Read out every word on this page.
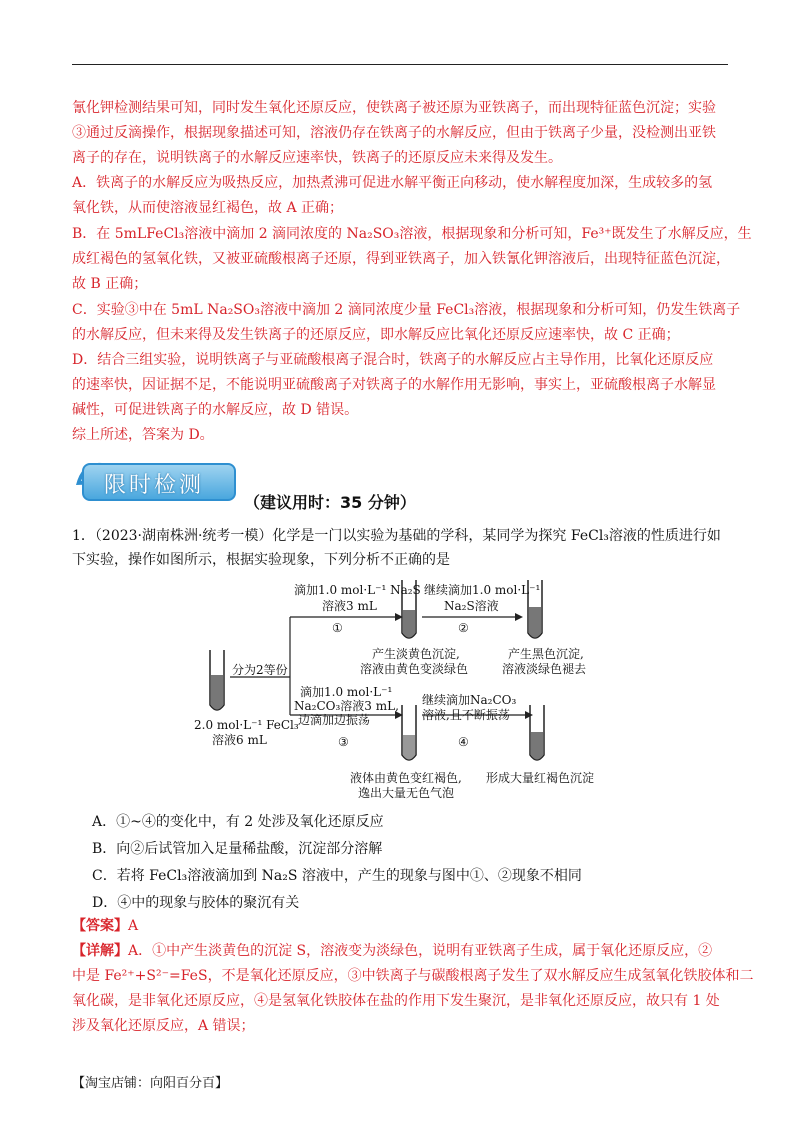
氰化钾检测结果可知，同时发生氧化还原反应，使铁离子被还原为亚铁离子，而出现特征蓝色沉淀；实验
③通过反滴操作，根据现象描述可知，溶液仍存在铁离子的水解反应，但由于铁离子少量，没检测出亚铁
离子的存在，说明铁离子的水解反应速率快，铁离子的还原反应未来得及发生。
A．铁离子的水解反应为吸热反应，加热煮沸可促进水解平衡正向移动，使水解程度加深，生成较多的氢
氧化铁，从而使溶液显红褐色，故 A 正确；
B．在 5mLFeCl₃溶液中滴加 2 滴同浓度的 Na₂SO₃溶液，根据现象和分析可知，Fe³⁺既发生了水解反应，生
成红褐色的氢氧化铁，又被亚硫酸根离子还原，得到亚铁离子，加入铁氰化钾溶液后，出现特征蓝色沉淀，
故 B 正确；
C．实验③中在 5mL Na₂SO₃溶液中滴加 2 滴同浓度少量 FeCl₃溶液，根据现象和分析可知，仍发生铁离子
的水解反应，但未来得及发生铁离子的还原反应，即水解反应比氧化还原反应速率快，故 C 正确；
D．结合三组实验，说明铁离子与亚硫酸根离子混合时，铁离子的水解反应占主导作用，比氧化还原反应
的速率快，因证据不足，不能说明亚硫酸离子对铁离子的水解作用无影响，事实上，亚硫酸根离子水解显
碱性，可促进铁离子的水解反应，故 D 错误。
综上所述，答案为 D。
限时检测
（建议用时：35 分钟）
1．（2023·湖南株洲·统考一模）化学是一门以实验为基础的学科，某同学为探究 FeCl₃溶液的性质进行如
下实验，操作如图所示，根据实验现象，下列分析不正确的是
2.0 mol·L⁻¹ FeCl₃
溶液6 mL
分为2等份
滴加1.0 mol·L⁻¹ Na₂S
溶液3 mL
①
继续滴加1.0 mol·L⁻¹
Na₂S溶液
②
产生淡黄色沉淀,
溶液由黄色变淡绿色
产生黑色沉淀,
溶液淡绿色褪去
滴加1.0 mol·L⁻¹
Na₂CO₃溶液3 mL,
边滴加边振荡
③
继续滴加Na₂CO₃
溶液,且不断振荡
④
液体由黄色变红褐色,
逸出大量无色气泡
形成大量红褐色沉淀
A．①~④的变化中，有 2 处涉及氧化还原反应
B．向②后试管加入足量稀盐酸，沉淀部分溶解
C．若将 FeCl₃溶液滴加到 Na₂S 溶液中，产生的现象与图中①、②现象不相同
D．④中的现象与胶体的聚沉有关
【答案】A
【详解】A．①中产生淡黄色的沉淀 S，溶液变为淡绿色，说明有亚铁离子生成，属于氧化还原反应，②
中是 Fe²⁺+S²⁻=FeS，不是氧化还原反应，③中铁离子与碳酸根离子发生了双水解反应生成氢氧化铁胶体和二
氧化碳，是非氧化还原反应，④是氢氧化铁胶体在盐的作用下发生聚沉，是非氧化还原反应，故只有 1 处
涉及氧化还原反应，A 错误；
【淘宝店铺：向阳百分百】
